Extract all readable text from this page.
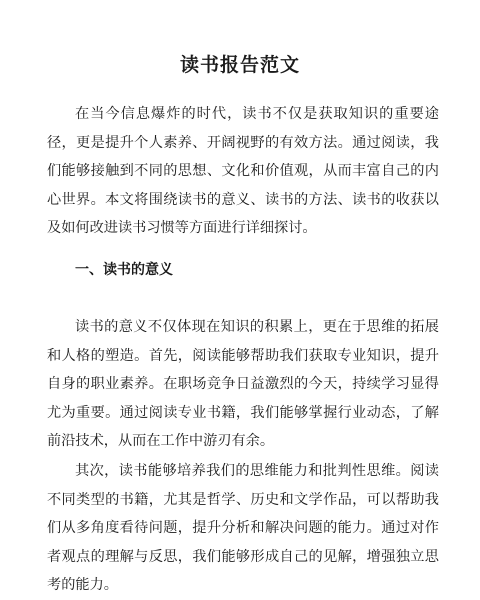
读书报告范文

在当今信息爆炸的时代，读书不仅是获取知识的重要途径，更是提升个人素养、开阔视野的有效方法。通过阅读，我们能够接触到不同的思想、文化和价值观，从而丰富自己的内心世界。本文将围绕读书的意义、读书的方法、读书的收获以及如何改进读书习惯等方面进行详细探讨。

一、读书的意义

读书的意义不仅体现在知识的积累上，更在于思维的拓展和人格的塑造。首先，阅读能够帮助我们获取专业知识，提升自身的职业素养。在职场竞争日益激烈的今天，持续学习显得尤为重要。通过阅读专业书籍，我们能够掌握行业动态，了解前沿技术，从而在工作中游刃有余。

其次，读书能够培养我们的思维能力和批判性思维。阅读不同类型的书籍，尤其是哲学、历史和文学作品，可以帮助我们从多角度看待问题，提升分析和解决问题的能力。通过对作者观点的理解与反思，我们能够形成自己的见解，增强独立思考的能力。
